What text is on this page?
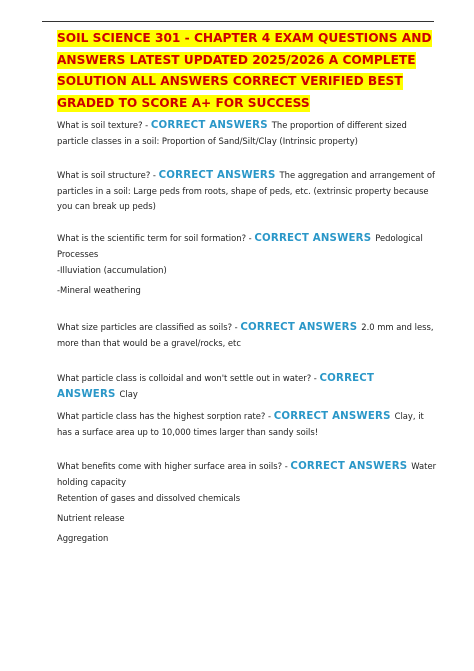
SOIL SCIENCE 301 - CHAPTER 4 EXAM QUESTIONS AND ANSWERS LATEST UPDATED 2025/2026 A COMPLETE SOLUTION ALL ANSWERS CORRECT VERIFIED BEST GRADED TO SCORE A+ FOR SUCCESS

What is soil texture? - CORRECT ANSWERS The proportion of different sized particle classes in a soil: Proportion of Sand/Silt/Clay (Intrinsic property)

What is soil structure? - CORRECT ANSWERS The aggregation and arrangement of particles in a soil: Large peds from roots, shape of peds, etc. (extrinsic property because you can break up peds)

What is the scientific term for soil formation? - CORRECT ANSWERS Pedological Processes

-Illuviation (accumulation)

-Mineral weathering

What size particles are classified as soils? - CORRECT ANSWERS 2.0 mm and less, more than that would be a gravel/rocks, etc

What particle class is colloidal and won't settle out in water? - CORRECT ANSWERS Clay

What particle class has the highest sorption rate? - CORRECT ANSWERS Clay, it has a surface area up to 10,000 times larger than sandy soils!

What benefits come with higher surface area in soils? - CORRECT ANSWERS Water holding capacity

Retention of gases and dissolved chemicals

Nutrient release

Aggregation
